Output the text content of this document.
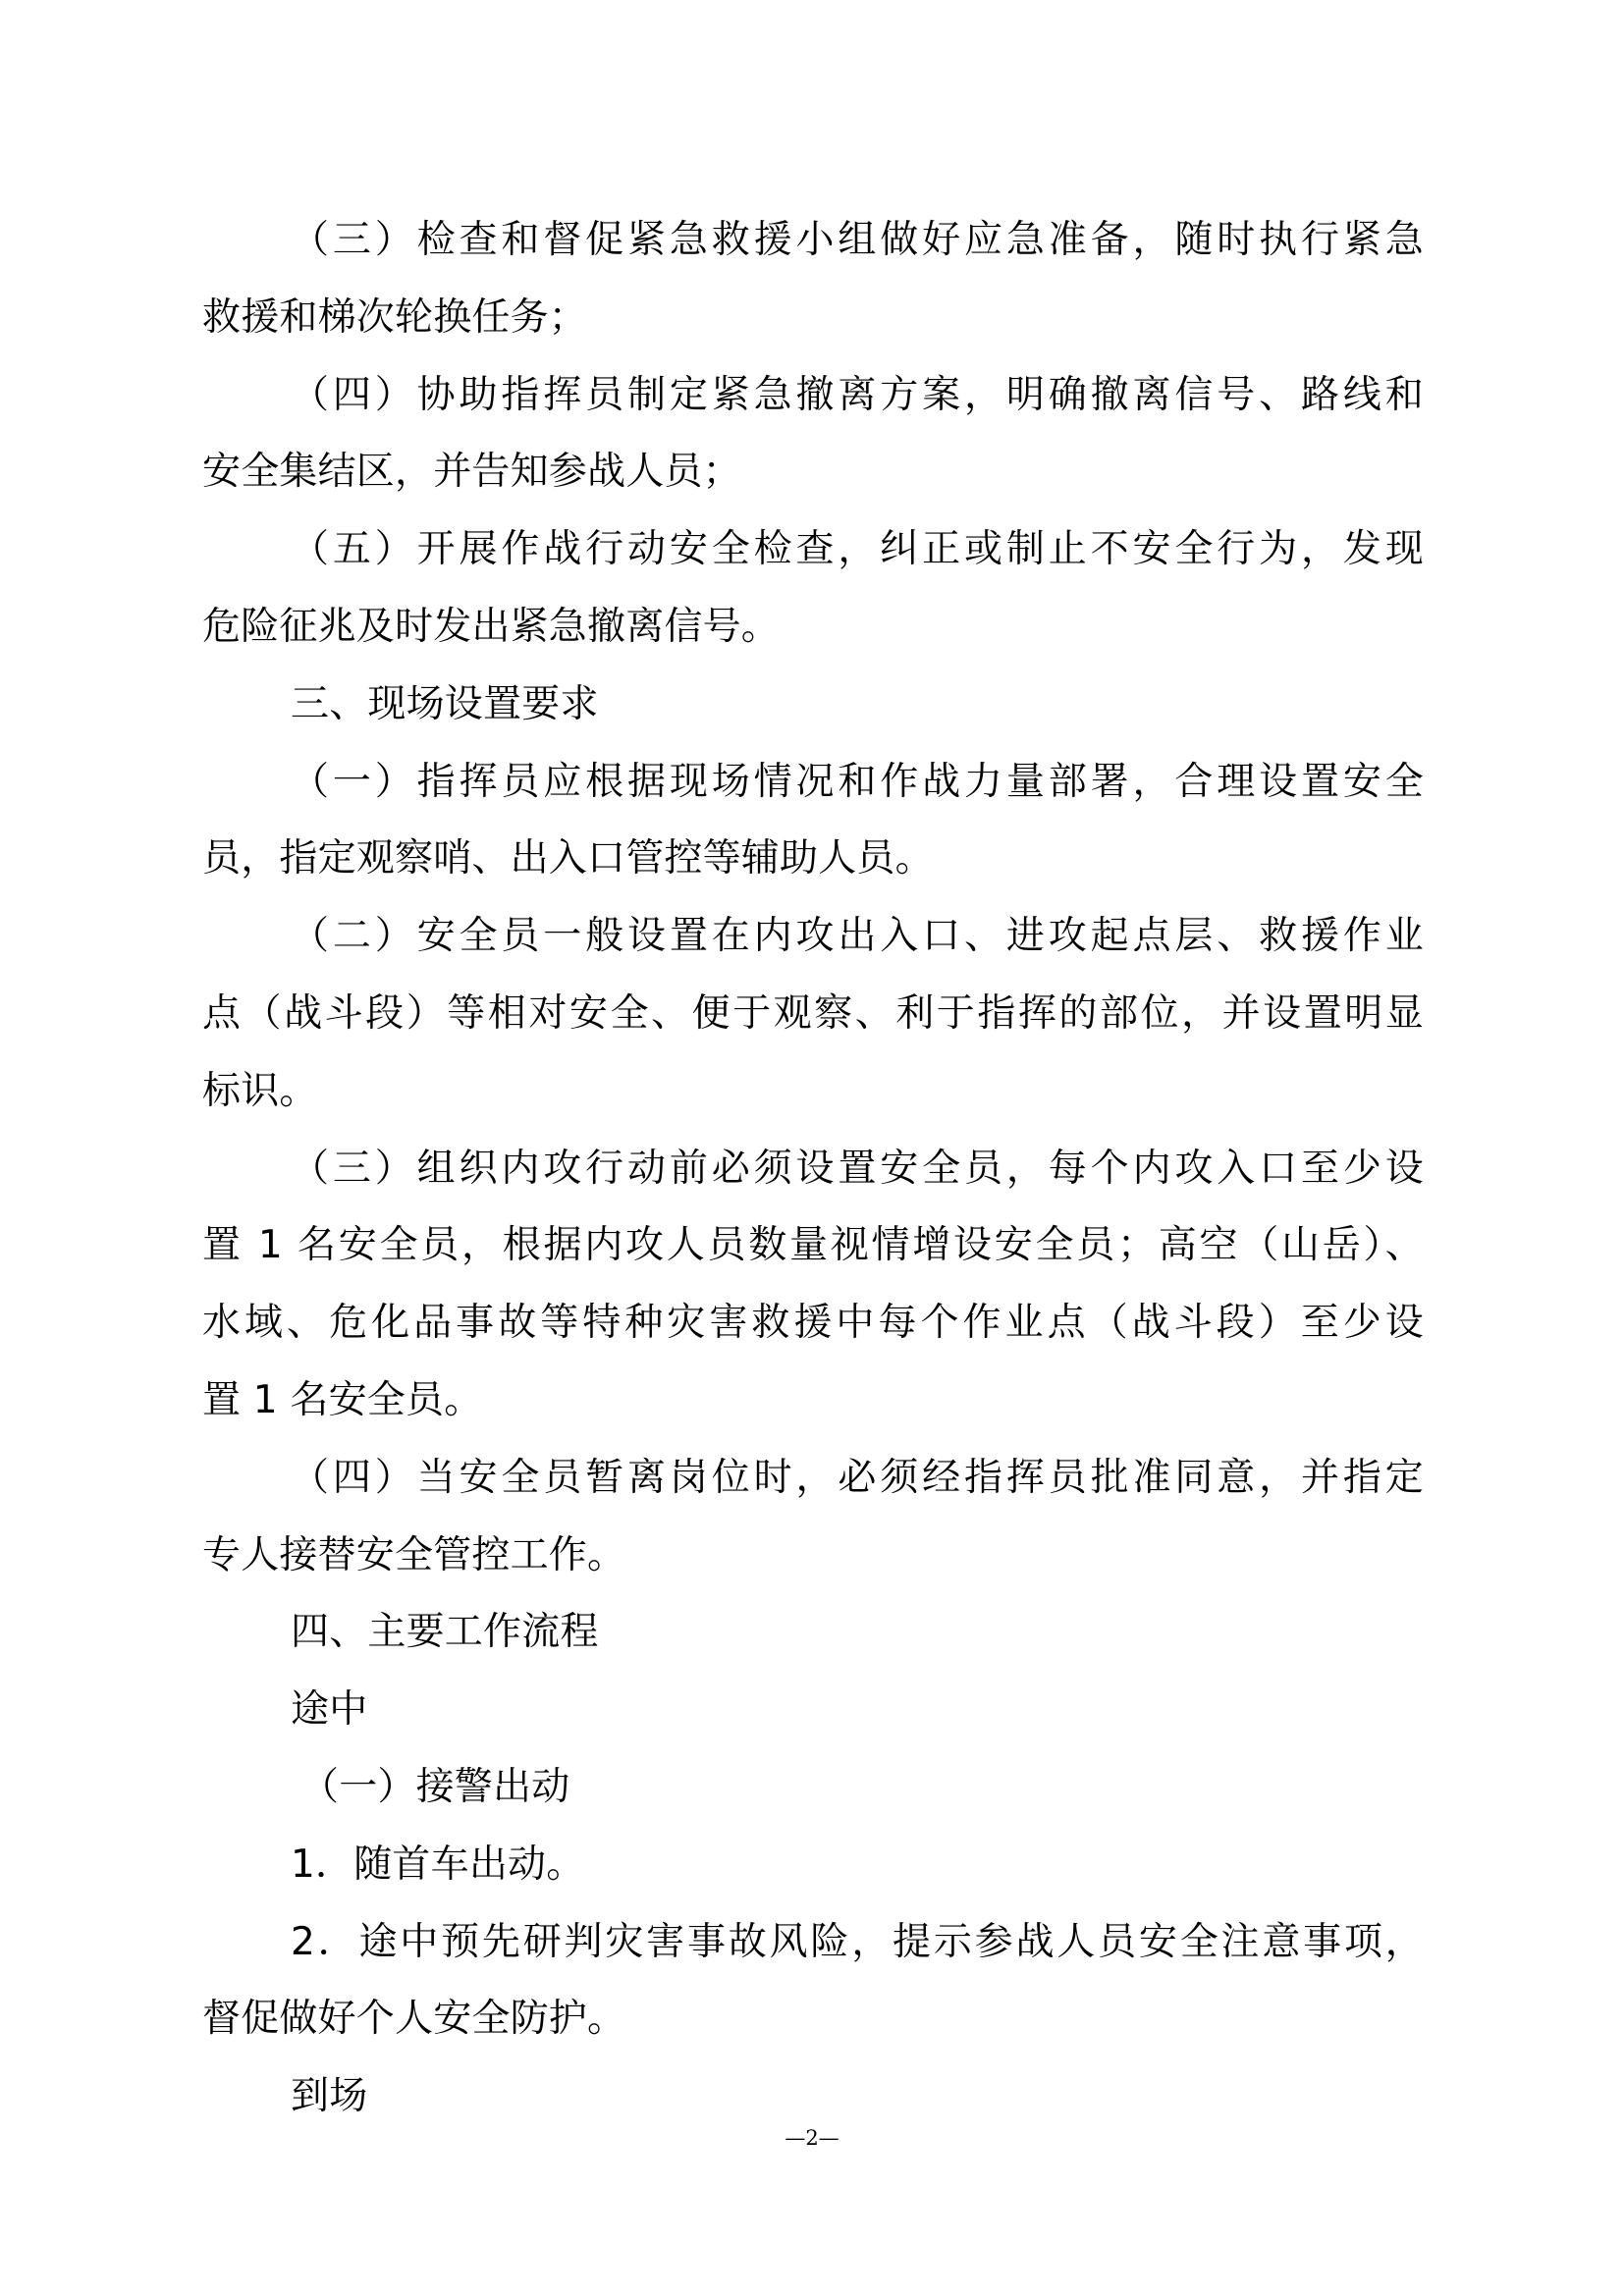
（三）检查和督促紧急救援小组做好应急准备，随时执行紧急
救援和梯次轮换任务；
（四）协助指挥员制定紧急撤离方案，明确撤离信号、路线和
安全集结区，并告知参战人员；
（五）开展作战行动安全检查，纠正或制止不安全行为，发现
危险征兆及时发出紧急撤离信号。
三、现场设置要求
（一）指挥员应根据现场情况和作战力量部署，合理设置安全
员，指定观察哨、出入口管控等辅助人员。
（二）安全员一般设置在内攻出入口、进攻起点层、救援作业
点（战斗段）等相对安全、便于观察、利于指挥的部位，并设置明显
标识。
（三）组织内攻行动前必须设置安全员，每个内攻入口至少设
置 1 名安全员，根据内攻人员数量视情增设安全员；高空（山岳）、
水域、危化品事故等特种灾害救援中每个作业点（战斗段）至少设
置 1 名安全员。
（四）当安全员暂离岗位时，必须经指挥员批准同意，并指定
专人接替安全管控工作。
四、主要工作流程
途中
（一）接警出动
1．随首车出动。
2．途中预先研判灾害事故风险，提示参战人员安全注意事项，
督促做好个人安全防护。
到场
—2—
